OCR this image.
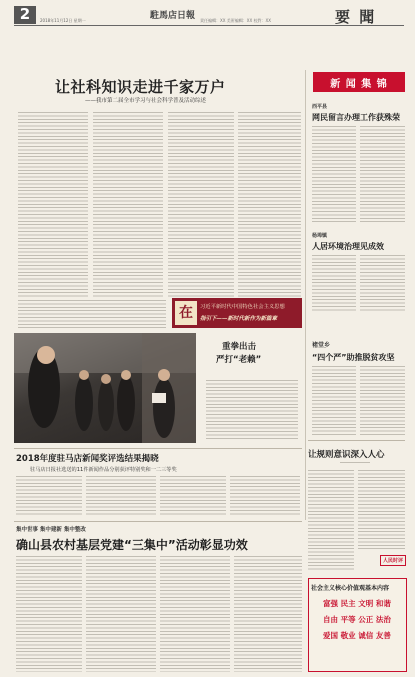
2	駐馬店日報
2018年11月12日 星期一	責任編輯：XX 美術編輯：XX 校對：XX	要 聞
让社科知识走进千家万户
——我市第二届全市学习与社会科学普及活动综述
在	习近平新时代中国特色社会主义思想
指引下——新时代新作为新篇章
新 闻 集 锦
西平县
网民留言办理工作获殊荣
杨埠镇
人居环境治理见成效
褚堂乡
“四个严”助推脱贫攻坚
重拳出击
严打“老赖”
2018年度驻马店新闻奖评选结果揭晓
驻马店日报社选送的11件新闻作品分别获评特别奖和一二三等奖
让规则意识深入人心
人民时评
集中世事 集中建新 集中整改
确山县农村基层党建“三集中”活动彰显功效
社会主义核心价值观基本内容
富强 民主 文明 和谐
自由 平等 公正 法治
爱国 敬业 诚信 友善
